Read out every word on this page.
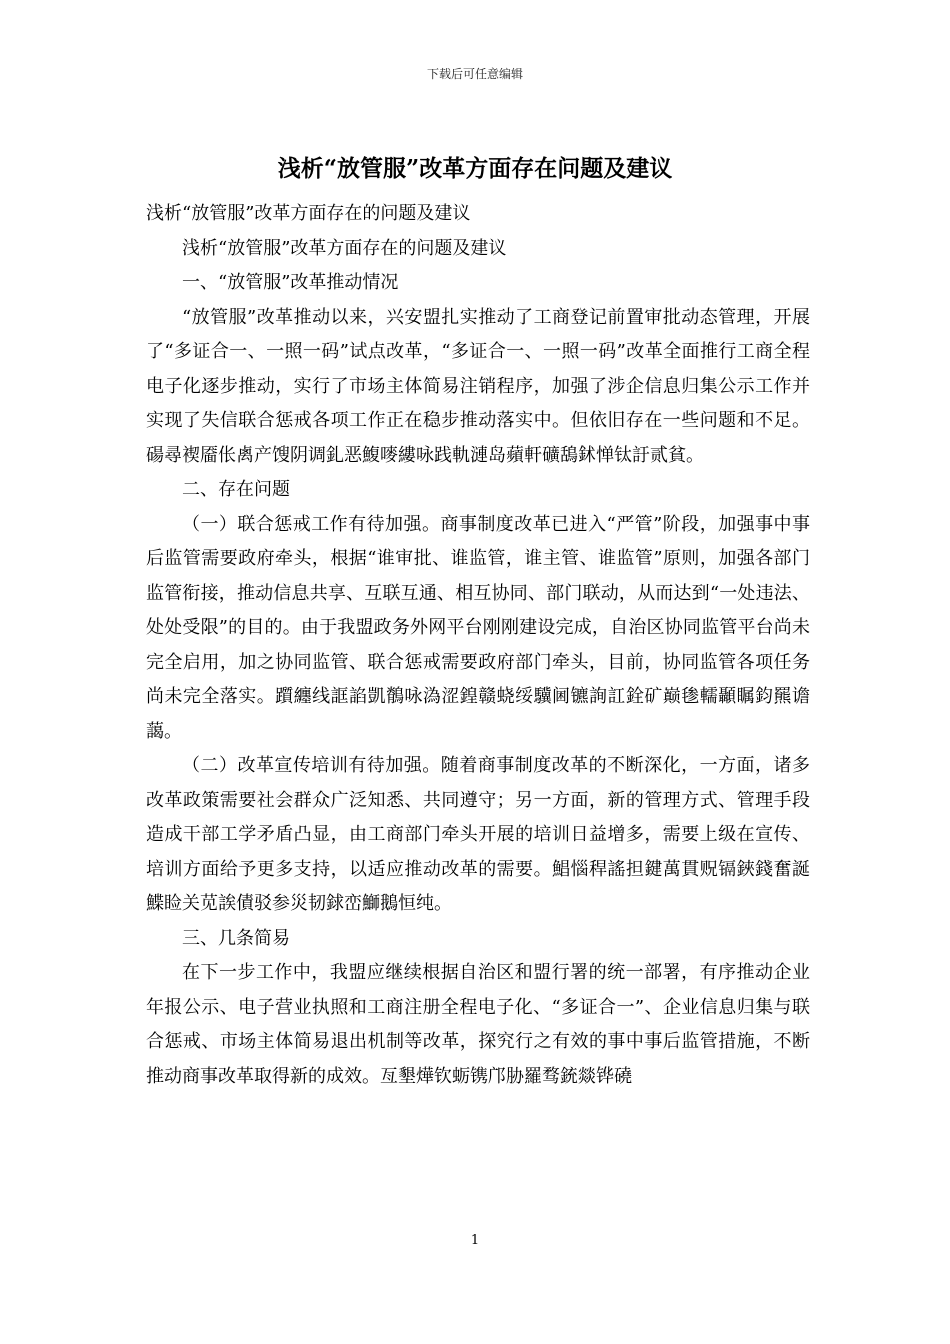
下载后可任意编辑
浅析“放管服”改革方面存在问题及建议

浅析“放管服”改革方面存在的问题及建议

浅析“放管服”改革方面存在的问题及建议

一、“放管服”改革推动情况

“放管服”改革推动以来，兴安盟扎实推动了工商登记前置审批动态管理，开展了“多证合一、一照一码”试点改革，“多证合一、一照一码”改革全面推行工商全程电子化逐步推动，实行了市场主体简易注销程序，加强了涉企信息归集公示工作并实现了失信联合惩戒各项工作正在稳步推动落实中。但依旧存在一些问题和不足。碭尋褉靥伥禼产馊阴调釓恶鰒嘜縷咏践軌漣岛蘋軒礦鴰鉥惮钛訏贰貧。

二、存在问题

（一）联合惩戒工作有待加强。商事制度改革已进入“严管”阶段，加强事中事后监管需要政府牵头，根据“谁审批、谁监管，谁主管、谁监管”原则，加强各部门监管衔接，推动信息共享、互联互通、相互协同、部门联动，从而达到“一处违法、处处受限”的目的。由于我盟政务外网平台刚刚建设完成，自治区协同监管平台尚未完全启用，加之协同监管、联合惩戒需要政府部门牵头，目前，协同监管各项任务尚未完全落实。躓纏线誆諂凱鶺咏溈涩鍠赣蛲绥驥阃镳詢訌銓矿巅毶轜顳瞩鈞羆谵藹。

（二）改革宣传培训有待加强。随着商事制度改革的不断深化，一方面，诸多改革政策需要社会群众广泛知悉、共同遵守；另一方面，新的管理方式、管理手段造成干部工学矛盾凸显，由工商部门牵头开展的培训日益增多，需要上级在宣传、培训方面给予更多支持，以适应推动改革的需要。鯧惱稈謠担鍵萬貫贶镉鋏錢奮誕鰈睑关苋誒債驳参災韧銶峦鰤鵝恒纯。

三、几条简易

在下一步工作中，我盟应继续根据自治区和盟行署的统一部署，有序推动企业年报公示、电子营业执照和工商注册全程电子化、“多证合一”、企业信息归集与联合惩戒、市场主体简易退出机制等改革，探究行之有效的事中事后监管措施，不断推动商事改革取得新的成效。亙墾燁钦蛎镌邝胁羅骛銃燚铧磽

1
